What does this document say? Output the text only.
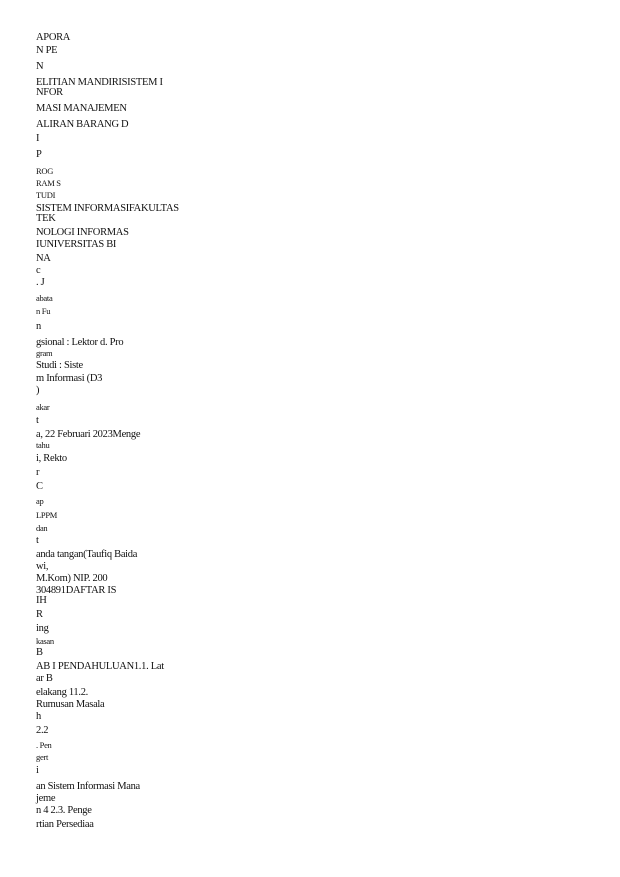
APORA
N PE
N
ELITIAN MANDIRISISTEM I
NFOR
MASI MANAJEMEN
ALIRAN BARANG D
I
P
ROG
RAM S
TUDI
SISTEM INFORMASIFAKULTAS
TEK
NOLOGI INFORMAS
IUNIVERSITAS BI
NA
c
. J
abata
n Fu
n
gsional : Lektor d. Pro
gram
Studi : Siste
m Informasi (D3
)
akar
t
a, 22 Februari 2023Menge
tahu
i, Rekto
r
C
ap
LPPM
dan
t
anda tangan(Taufiq Baida
wi,
M.Kom) NIP. 200
304891DAFTAR IS
IH
R
ing
kasan
B
AB I PENDAHULUAN1.1. Lat
ar B
elakang 11.2.
Rumusan Masala
h
2.2
. Pen
gert
i
an Sistem Informasi Mana
jeme
n 4 2.3. Penge
rtian Persediaa
